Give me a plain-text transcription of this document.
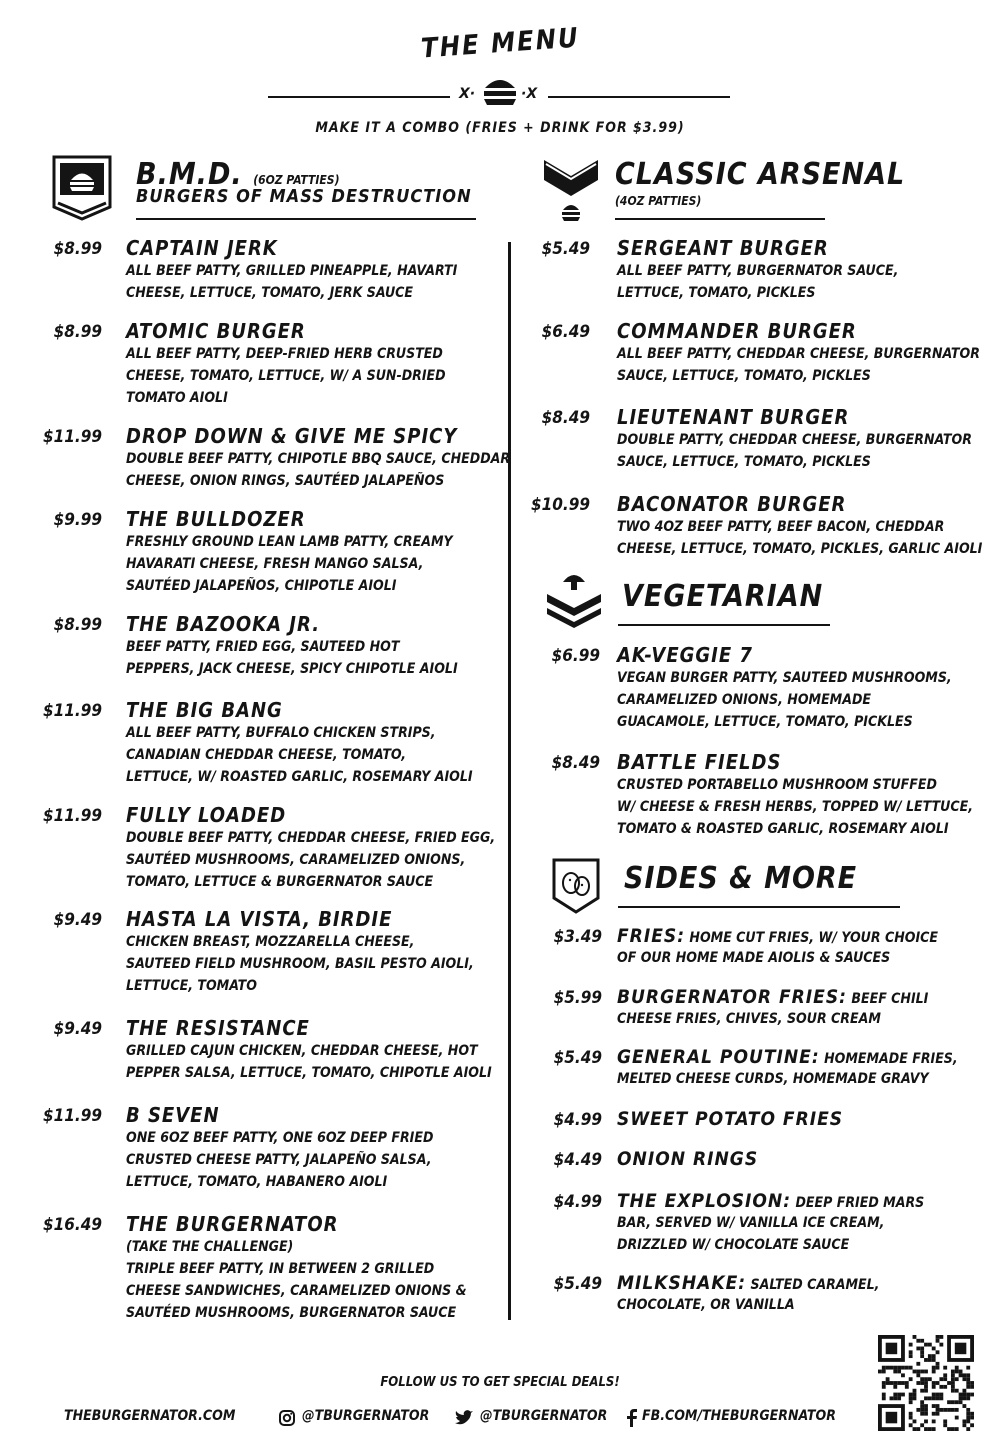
THE MENU
X·	·X
MAKE IT A COMBO (FRIES + DRINK FOR $3.99)
B.M.D. (6OZ PATTIES)
BURGERS OF MASS DESTRUCTION
$8.99 CAPTAIN JERK
ALL BEEF PATTY, GRILLED PINEAPPLE, HAVARTI
CHEESE, LETTUCE, TOMATO, JERK SAUCE
$8.99 ATOMIC BURGER
ALL BEEF PATTY, DEEP-FRIED HERB CRUSTED
CHEESE, TOMATO, LETTUCE, W/ A SUN-DRIED
TOMATO AIOLI
$11.99 DROP DOWN & GIVE ME SPICY
DOUBLE BEEF PATTY, CHIPOTLE BBQ SAUCE, CHEDDAR
CHEESE, ONION RINGS, SAUTÉED JALAPEÑOS
$9.99 THE BULLDOZER
FRESHLY GROUND LEAN LAMB PATTY, CREAMY
HAVARATI CHEESE, FRESH MANGO SALSA,
SAUTÉED JALAPEÑOS, CHIPOTLE AIOLI
$8.99 THE BAZOOKA JR.
BEEF PATTY, FRIED EGG, SAUTEED HOT
PEPPERS, JACK CHEESE, SPICY CHIPOTLE AIOLI
$11.99 THE BIG BANG
ALL BEEF PATTY, BUFFALO CHICKEN STRIPS,
CANADIAN CHEDDAR CHEESE, TOMATO,
LETTUCE, W/ ROASTED GARLIC, ROSEMARY AIOLI
$11.99 FULLY LOADED
DOUBLE BEEF PATTY, CHEDDAR CHEESE, FRIED EGG,
SAUTÉED MUSHROOMS, CARAMELIZED ONIONS,
TOMATO, LETTUCE & BURGERNATOR SAUCE
$9.49 HASTA LA VISTA, BIRDIE
CHICKEN BREAST, MOZZARELLA CHEESE,
SAUTEED FIELD MUSHROOM, BASIL PESTO AIOLI,
LETTUCE, TOMATO
$9.49 THE RESISTANCE
GRILLED CAJUN CHICKEN, CHEDDAR CHEESE, HOT
PEPPER SALSA, LETTUCE, TOMATO, CHIPOTLE AIOLI
$11.99 B SEVEN
ONE 6OZ BEEF PATTY, ONE 6OZ DEEP FRIED
CRUSTED CHEESE PATTY, JALAPEÑO SALSA,
LETTUCE, TOMATO, HABANERO AIOLI
$16.49 THE BURGERNATOR
(TAKE THE CHALLENGE)
TRIPLE BEEF PATTY, IN BETWEEN 2 GRILLED
CHEESE SANDWICHES, CARAMELIZED ONIONS &
SAUTÉED MUSHROOMS, BURGERNATOR SAUCE
CLASSIC ARSENAL
(4OZ PATTIES)
$5.49 SERGEANT BURGER
ALL BEEF PATTY, BURGERNATOR SAUCE,
LETTUCE, TOMATO, PICKLES
$6.49 COMMANDER BURGER
ALL BEEF PATTY, CHEDDAR CHEESE, BURGERNATOR
SAUCE, LETTUCE, TOMATO, PICKLES
$8.49 LIEUTENANT BURGER
DOUBLE PATTY, CHEDDAR CHEESE, BURGERNATOR
SAUCE, LETTUCE, TOMATO, PICKLES
$10.99 BACONATOR BURGER
TWO 4OZ BEEF PATTY, BEEF BACON, CHEDDAR
CHEESE, LETTUCE, TOMATO, PICKLES, GARLIC AIOLI
VEGETARIAN
$6.99 AK-VEGGIE 7
VEGAN BURGER PATTY, SAUTEED MUSHROOMS,
CARAMELIZED ONIONS, HOMEMADE
GUACAMOLE, LETTUCE, TOMATO, PICKLES
$8.49 BATTLE FIELDS
CRUSTED PORTABELLO MUSHROOM STUFFED
W/ CHEESE & FRESH HERBS, TOPPED W/ LETTUCE,
TOMATO & ROASTED GARLIC, ROSEMARY AIOLI
SIDES & MORE
$3.49 FRIES: HOME CUT FRIES, W/ YOUR CHOICE
OF OUR HOME MADE AIOLIS & SAUCES
$5.99 BURGERNATOR FRIES: BEEF CHILI
CHEESE FRIES, CHIVES, SOUR CREAM
$5.49 GENERAL POUTINE: HOMEMADE FRIES,
MELTED CHEESE CURDS, HOMEMADE GRAVY
$4.99 SWEET POTATO FRIES
$4.49 ONION RINGS
$4.99 THE EXPLOSION: DEEP FRIED MARS
BAR, SERVED W/ VANILLA ICE CREAM,
DRIZZLED W/ CHOCOLATE SAUCE
$5.49 MILKSHAKE: SALTED CARAMEL,
CHOCOLATE, OR VANILLA
FOLLOW US TO GET SPECIAL DEALS!
THEBURGERNATOR.COM	@TBURGERNATOR	@TBURGERNATOR FB.COM/THEBURGERNATOR
